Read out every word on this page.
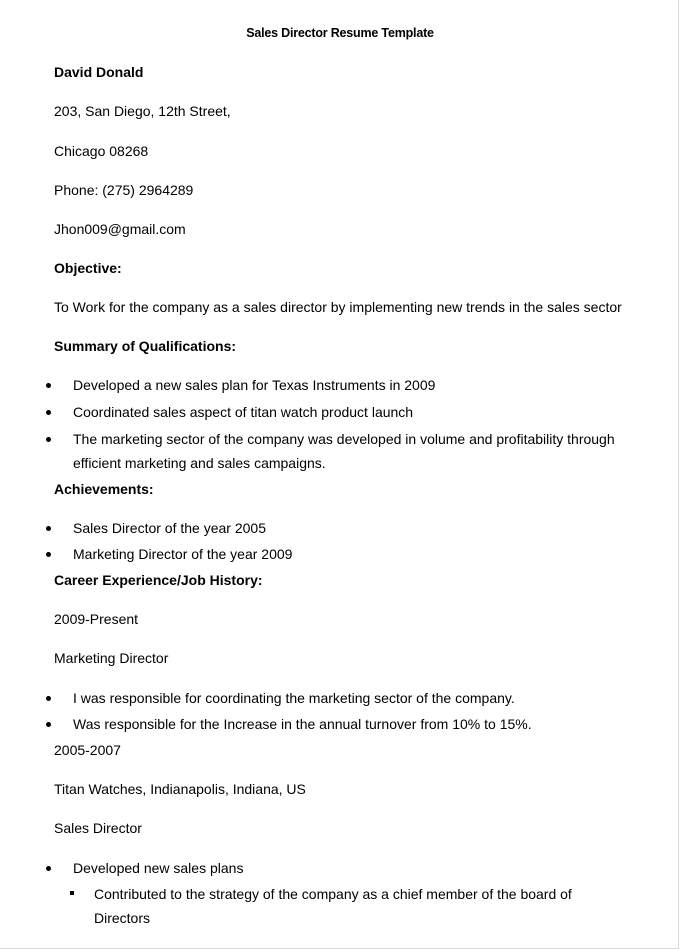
Sales Director Resume Template
David Donald
203, San Diego, 12th Street,
Chicago 08268
Phone: (275) 2964289
Jhon009@gmail.com
Objective:
To Work for the company as a sales director by implementing new trends in the sales sector
Summary of Qualifications:
Developed a new sales plan for Texas Instruments in 2009
Coordinated sales aspect of titan watch product launch
The marketing sector of the company was developed in volume and profitability through efficient marketing and sales campaigns.
Achievements:
Sales Director of the year 2005
Marketing Director of the year 2009
Career Experience/Job History:
2009-Present
Marketing Director
I was responsible for coordinating the marketing sector of the company.
Was responsible for the Increase in the annual turnover from 10% to 15%.
2005-2007
Titan Watches, Indianapolis, Indiana, US
Sales Director
Developed new sales plans
Contributed to the strategy of the company as a chief member of the board of Directors
